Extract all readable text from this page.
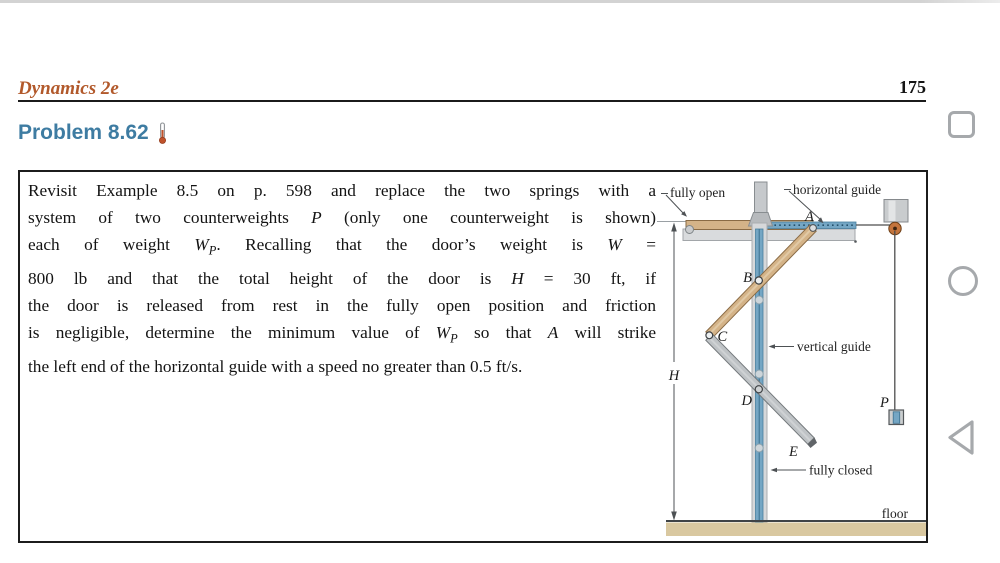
Dynamics 2e	175
Problem 8.62
Revisit Example 8.5 on p. 598 and replace the two springs with a
system of two counterweights P (only one counterweight is shown)
each of weight $W_P$. Recalling that the door’s weight is W =
800 lb and that the total height of the door is H = 30 ft, if
the door is released from rest in the fully open position and friction
is negligible, determine the minimum value of $W_P$ so that A will strike
the left end of the horizontal guide with a speed no greater than 0.5 ft/s.	H
fully open	horizontal guide
vertical guide
fully closed
floor
A
B
C
D
E
P
